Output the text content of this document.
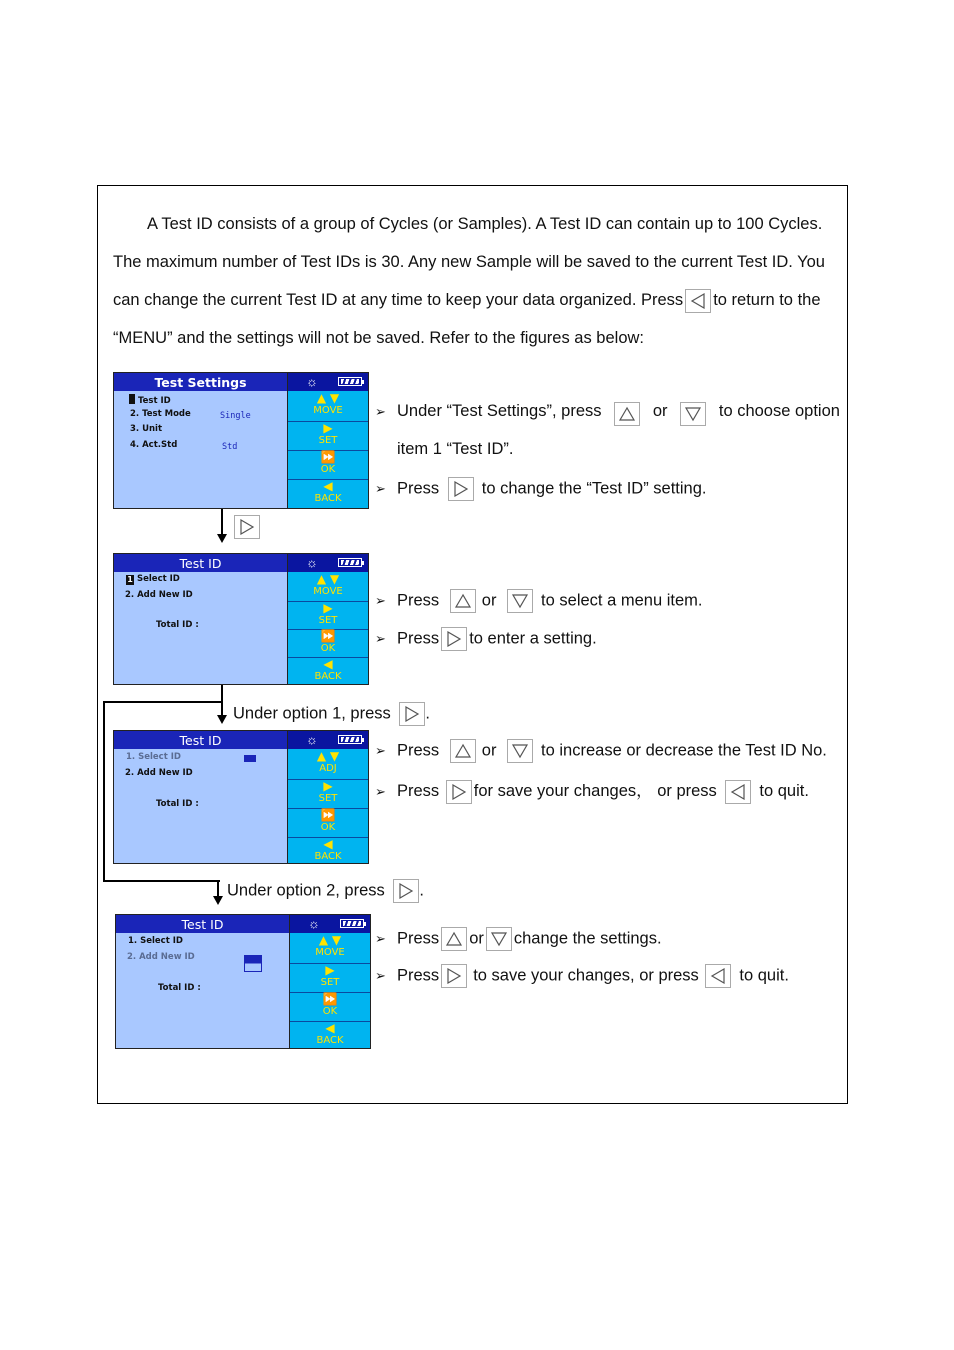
A Test ID consists of a group of Cycles (or Samples). A Test ID can contain up to 100 Cycles.

The maximum number of Test IDs is 30. Any new Sample will be saved to the current Test ID. You

can change the current Test ID at any time to keep your data organized. Press to return to the

“MENU” and the settings will not be saved. Refer to the figures as below:

Test Settings
Test ID
2. Test Mode	Single
3. Unit
4. Act.Std	Std
☼
▲ ▼
MOVE
▶
SET
⏩
OK
◀
BACK
➢ Under “Test Settings”, press	or	to choose option
item 1 “Test ID”.
➢ Press	to change the “Test ID” setting.
Test ID
1 Select ID
2. Add New ID
Total ID :
☼
▲ ▼
MOVE
▶
SET
⏩
OK
◀
BACK
➢ Press	or	to select a menu item.
➢ Press to enter a setting.
Under option 1, press .
Test ID
1. Select ID
2. Add New ID
Total ID :
☼
▲ ▼
ADJ
▶
SET
⏩
OK
◀
BACK
➢ Press	or	to increase or decrease the Test ID No.
➢ Press for save your changes， or press	to quit.
Under option 2, press .
Test ID
1. Select ID
2. Add New ID
Total ID :
☼
▲ ▼
MOVE
▶
SET
⏩
OK
◀
BACK
➢ Press or change the settings.
➢ Press to save your changes, or press to quit.
